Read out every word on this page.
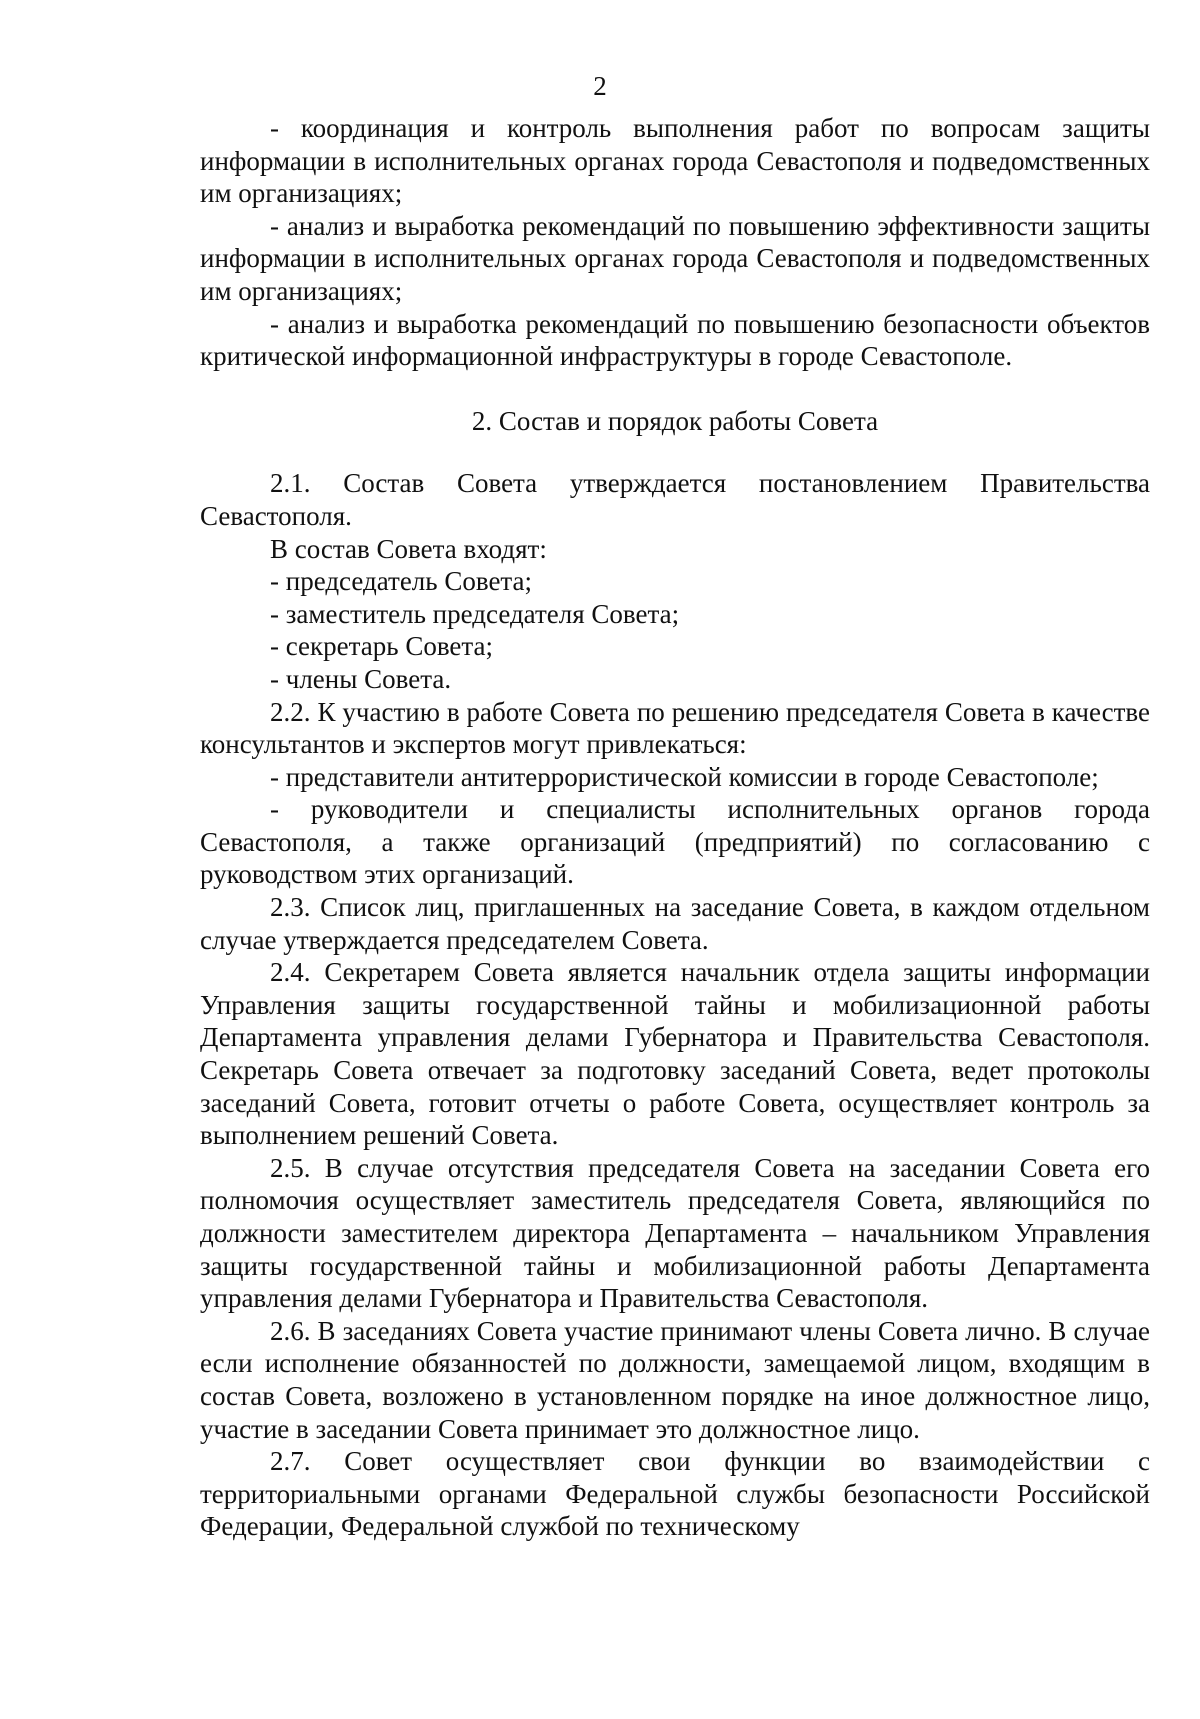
2

- координация и контроль выполнения работ по вопросам защиты информации в исполнительных органах города Севастополя и подведомственных им организациях;

- анализ и выработка рекомендаций по повышению эффективности защиты информации в исполнительных органах города Севастополя и подведомственных им организациях;

- анализ и выработка рекомендаций по повышению безопасности объектов критической информационной инфраструктуры в городе Севастополе.

2. Состав и порядок работы Совета

2.1. Состав Совета утверждается постановлением Правительства Севастополя.

В состав Совета входят:

- председатель Совета;

- заместитель председателя Совета;

- секретарь Совета;

- члены Совета.

2.2. К участию в работе Совета по решению председателя Совета в качестве консультантов и экспертов могут привлекаться:

- представители антитеррористической комиссии в городе Севастополе;

- руководители и специалисты исполнительных органов города Севастополя, а также организаций (предприятий) по согласованию с руководством этих организаций.

2.3. Список лиц, приглашенных на заседание Совета, в каждом отдельном случае утверждается председателем Совета.

2.4. Секретарем Совета является начальник отдела защиты информации Управления защиты государственной тайны и мобилизационной работы Департамента управления делами Губернатора и Правительства Севастополя. Секретарь Совета отвечает за подготовку заседаний Совета, ведет протоколы заседаний Совета, готовит отчеты о работе Совета, осуществляет контроль за выполнением решений Совета.

2.5. В случае отсутствия председателя Совета на заседании Совета его полномочия осуществляет заместитель председателя Совета, являющийся по должности заместителем директора Департамента – начальником Управления защиты государственной тайны и мобилизационной работы Департамента управления делами Губернатора и Правительства Севастополя.

2.6. В заседаниях Совета участие принимают члены Совета лично. В случае если исполнение обязанностей по должности, замещаемой лицом, входящим в состав Совета, возложено в установленном порядке на иное должностное лицо, участие в заседании Совета принимает это должностное лицо.

2.7. Совет осуществляет свои функции во взаимодействии с территориальными органами Федеральной службы безопасности Российской Федерации, Федеральной службой по техническому
